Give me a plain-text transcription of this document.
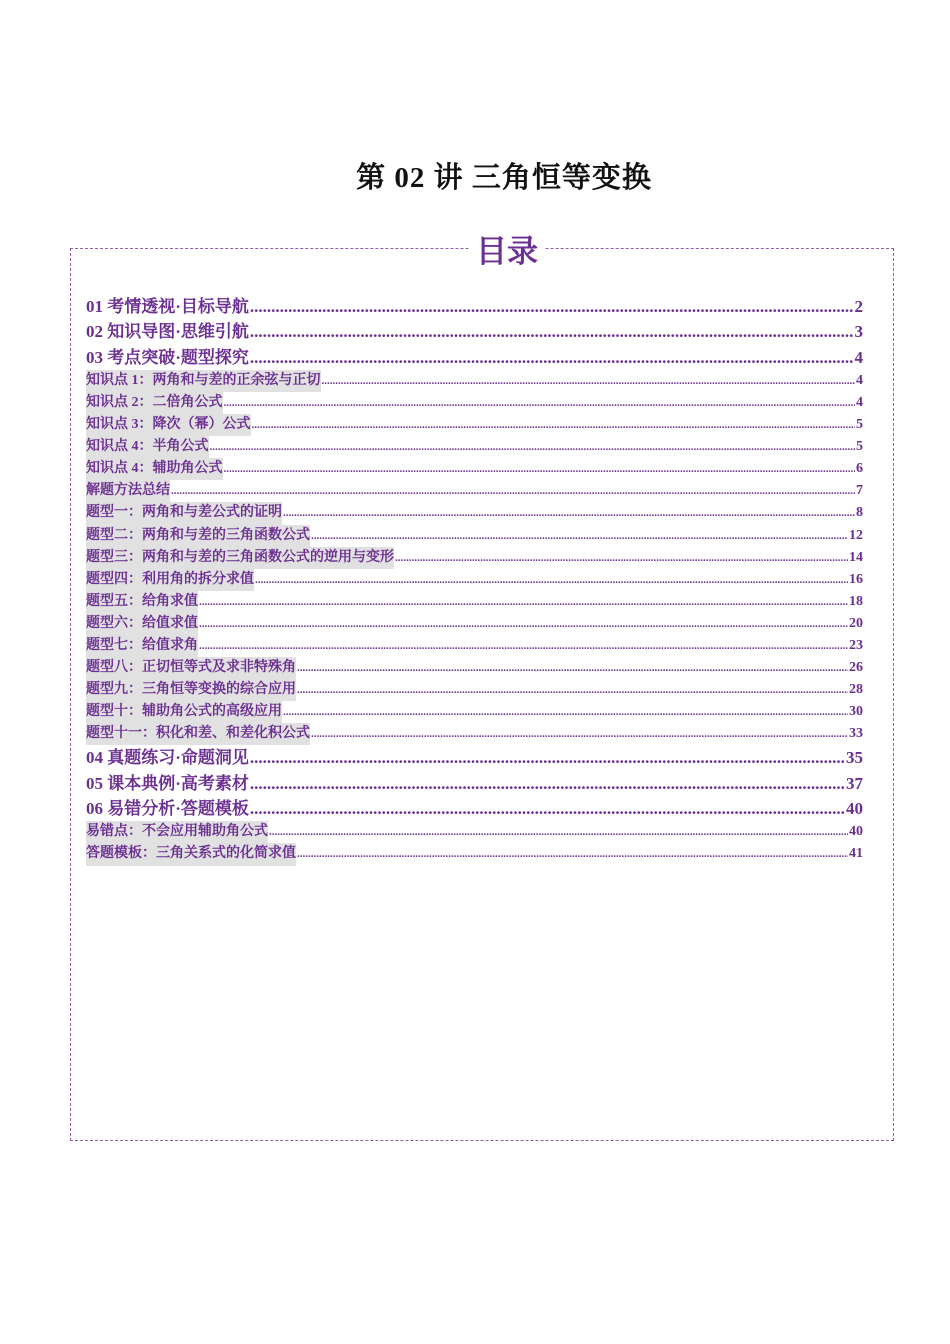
第 02 讲 三角恒等变换
目录
01 考情透视·目标导航 .....	2
02 知识导图·思维引航 .....	3
03 考点突破·题型探究 .....	4
知识点 1：两角和与差的正余弦与正切 .....	4
知识点 2：二倍角公式 .....	4
知识点 3：降次（幂）公式 .....	5
知识点 4：半角公式 .....	5
知识点 4：辅助角公式 .....	6
解题方法总结 .....	7
题型一：两角和与差公式的证明 .....	8
题型二：两角和与差的三角函数公式 .....	12
题型三：两角和与差的三角函数公式的逆用与变形 .....	14
题型四：利用角的拆分求值 .....	16
题型五：给角求值 .....	18
题型六：给值求值 .....	20
题型七：给值求角 .....	23
题型八：正切恒等式及求非特殊角 .....	26
题型九：三角恒等变换的综合应用 .....	28
题型十：辅助角公式的高级应用 .....	30
题型十一：积化和差、和差化积公式 .....	33
04 真题练习·命题洞见 .....	35
05 课本典例·高考素材 .....	37
06 易错分析·答题模板 .....	40
易错点：不会应用辅助角公式 .....	40
答题模板：三角关系式的化简求值 .....	41
